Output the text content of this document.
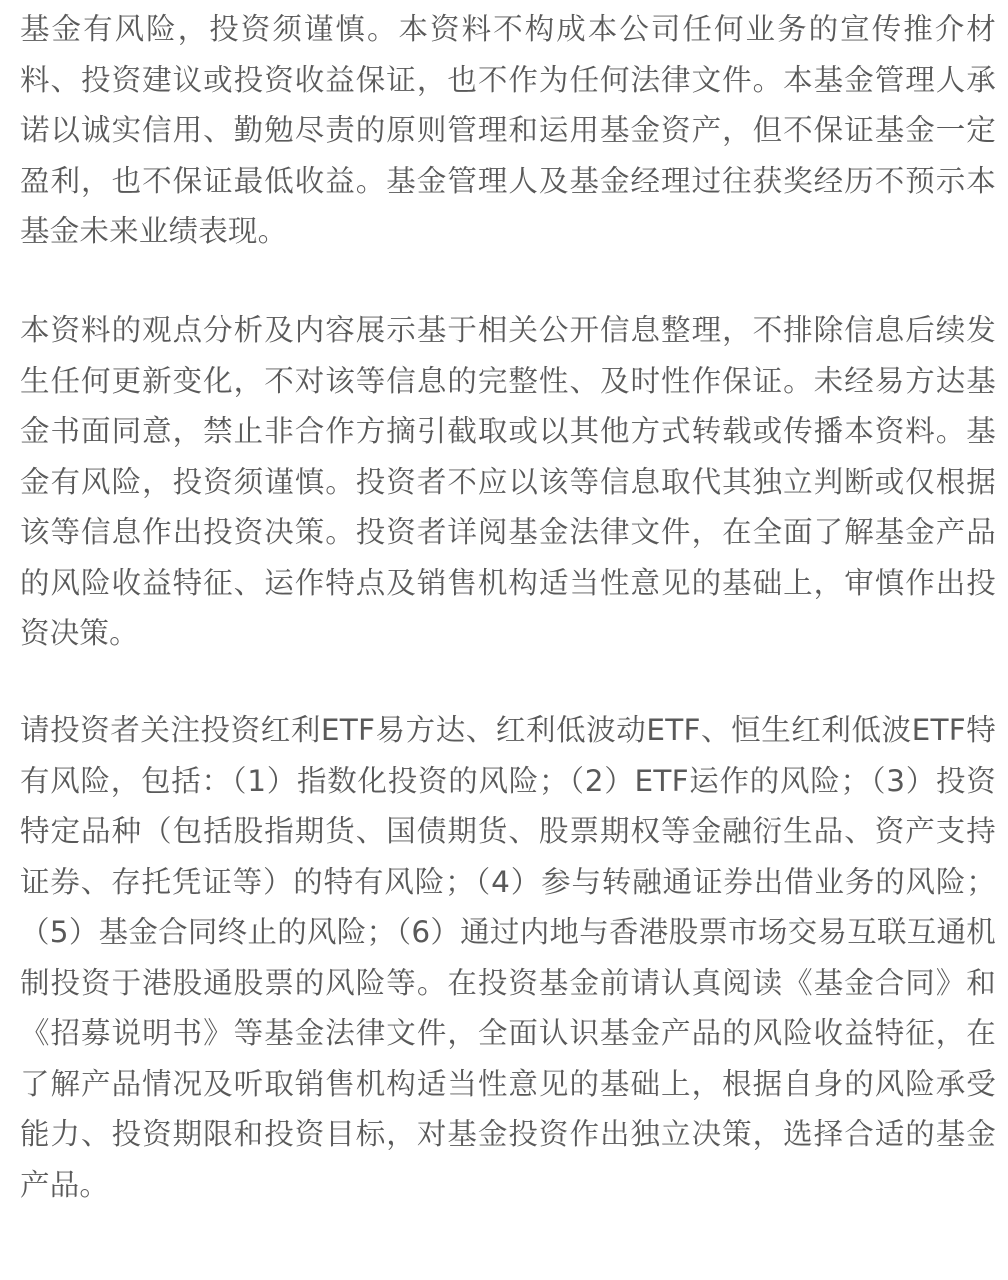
基金有风险，投资须谨慎。本资料不构成本公司任何业务的宣传推介材料、投资建议或投资收益保证，也不作为任何法律文件。本基金管理人承诺以诚实信用、勤勉尽责的原则管理和运用基金资产，但不保证基金一定盈利，也不保证最低收益。基金管理人及基金经理过往获奖经历不预示本基金未来业绩表现。

本资料的观点分析及内容展示基于相关公开信息整理，不排除信息后续发生任何更新变化，不对该等信息的完整性、及时性作保证。未经易方达基金书面同意，禁止非合作方摘引截取或以其他方式转载或传播本资料。基金有风险，投资须谨慎。投资者不应以该等信息取代其独立判断或仅根据该等信息作出投资决策。投资者详阅基金法律文件，在全面了解基金产品的风险收益特征、运作特点及销售机构适当性意见的基础上，审慎作出投资决策。

请投资者关注投资红利ETF易方达、红利低波动ETF、恒生红利低波ETF特有风险，包括：（1）指数化投资的风险；（2）ETF运作的风险；（3）投资特定品种（包括股指期货、国债期货、股票期权等金融衍生品、资产支持证券、存托凭证等）的特有风险；（4）参与转融通证券出借业务的风险；（5）基金合同终止的风险；（6）通过内地与香港股票市场交易互联互通机制投资于港股通股票的风险等。在投资基金前请认真阅读《基金合同》和《招募说明书》等基金法律文件，全面认识基金产品的风险收益特征，在了解产品情况及听取销售机构适当性意见的基础上，根据自身的风险承受能力、投资期限和投资目标，对基金投资作出独立决策，选择合适的基金产品。
